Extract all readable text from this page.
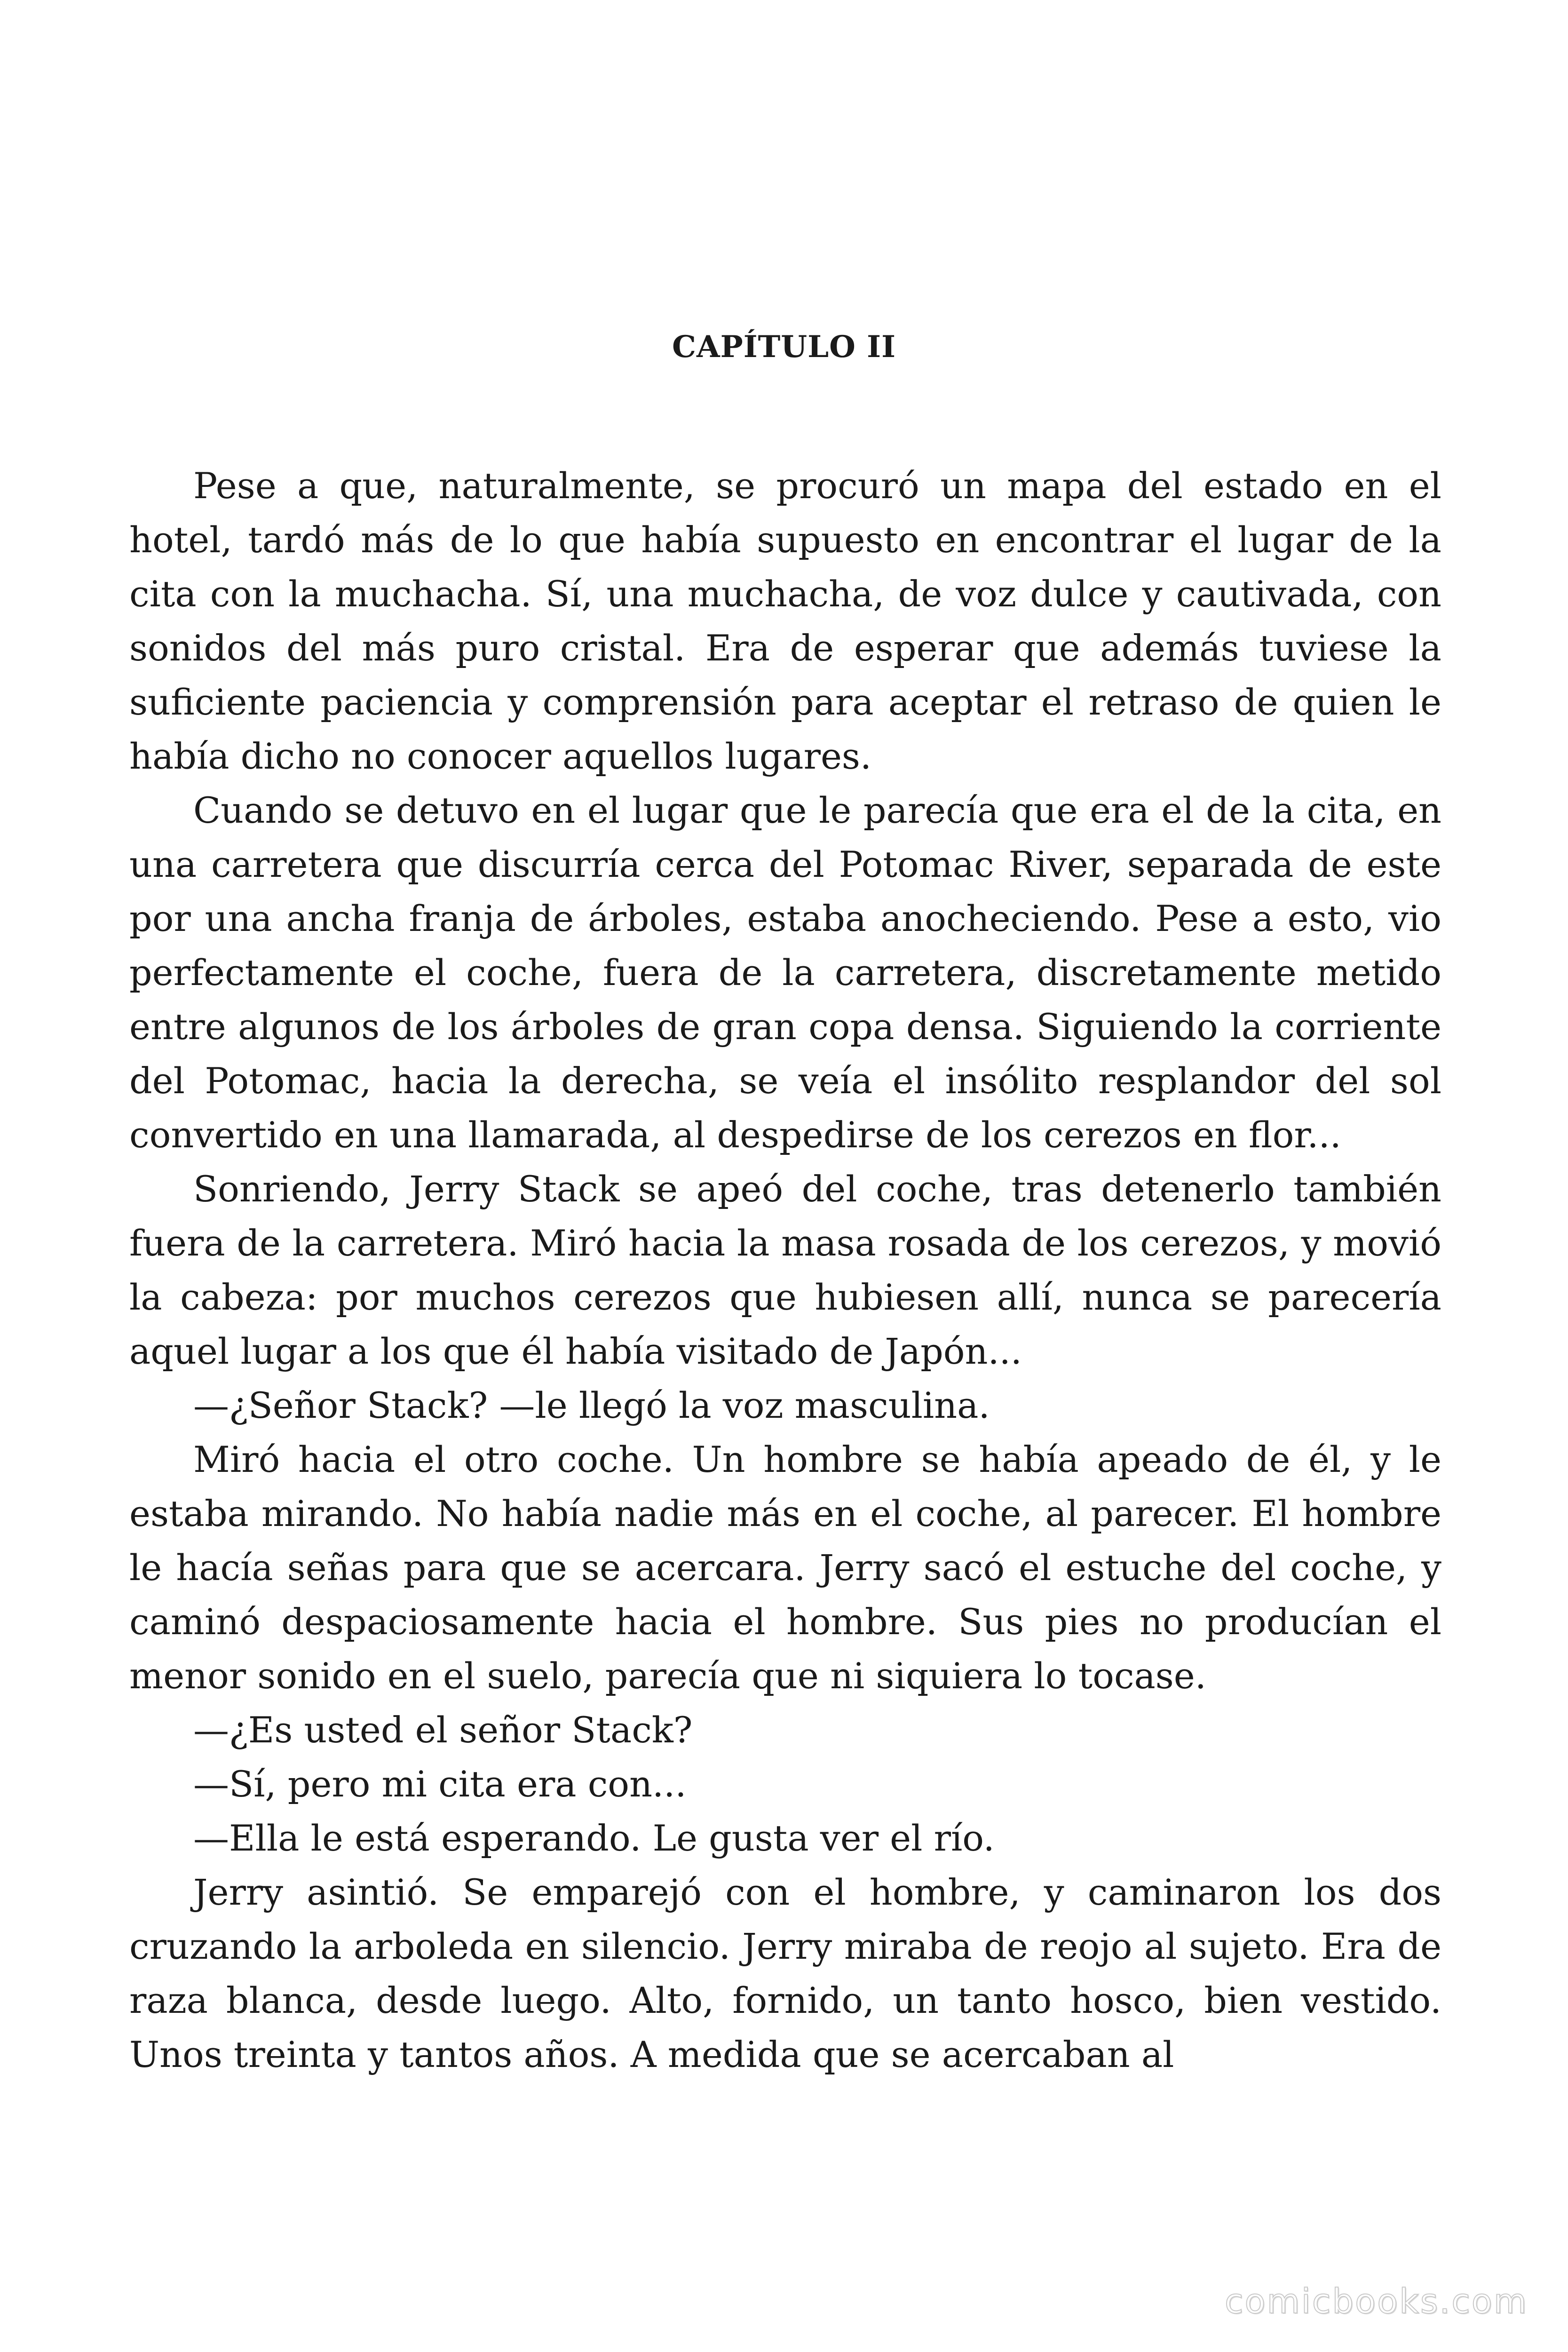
CAPÍTULO II

Pese a que, naturalmente, se procuró un mapa del estado en el hotel, tardó más de lo que había supuesto en encontrar el lugar de la cita con la muchacha. Sí, una muchacha, de voz dulce y cautivada, con sonidos del más puro cristal. Era de esperar que además tuviese la suficiente paciencia y comprensión para aceptar el retraso de quien le había dicho no conocer aquellos lugares.

Cuando se detuvo en el lugar que le parecía que era el de la cita, en una carretera que discurría cerca del Potomac River, separada de este por una ancha franja de árboles, estaba anocheciendo. Pese a esto, vio perfectamente el coche, fuera de la carretera, discretamente metido entre algunos de los árboles de gran copa densa. Siguiendo la corriente del Potomac, hacia la derecha, se veía el insólito resplandor del sol convertido en una llamarada, al despedirse de los cerezos en flor...

Sonriendo, Jerry Stack se apeó del coche, tras detenerlo también fuera de la carretera. Miró hacia la masa rosada de los cerezos, y movió la cabeza: por muchos cerezos que hubiesen allí, nunca se parecería aquel lugar a los que él había visitado de Japón...

—¿Señor Stack? —le llegó la voz masculina.

Miró hacia el otro coche. Un hombre se había apeado de él, y le estaba mirando. No había nadie más en el coche, al parecer. El hombre le hacía señas para que se acercara. Jerry sacó el estuche del coche, y caminó despaciosamente hacia el hombre. Sus pies no producían el menor sonido en el suelo, parecía que ni siquiera lo tocase.

—¿Es usted el señor Stack?

—Sí, pero mi cita era con...

—Ella le está esperando. Le gusta ver el río.

Jerry asintió. Se emparejó con el hombre, y caminaron los dos cruzando la arboleda en silencio. Jerry miraba de reojo al sujeto. Era de raza blanca, desde luego. Alto, fornido, un tanto hosco, bien vestido. Unos treinta y tantos años. A medida que se acercaban al

comicbooks.com
